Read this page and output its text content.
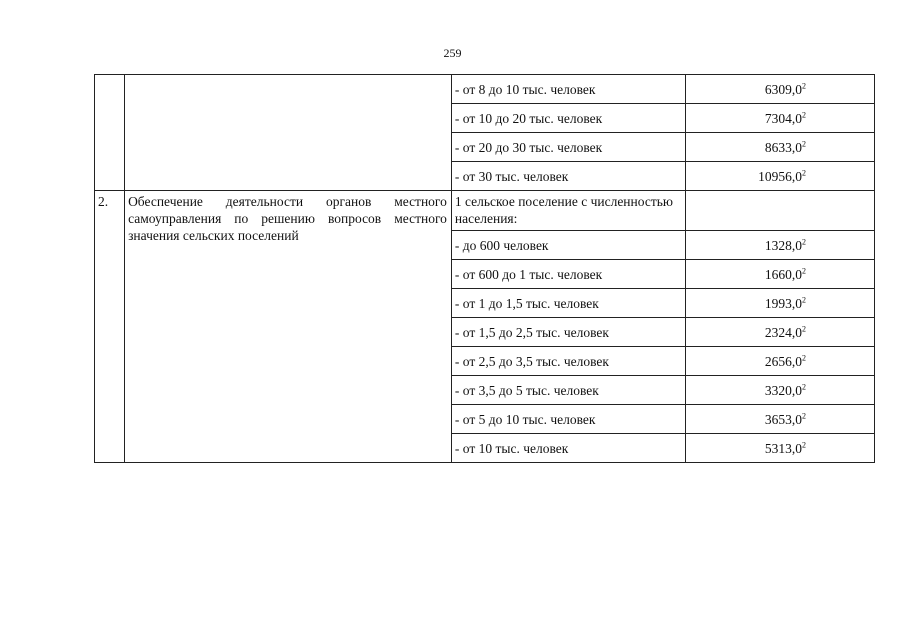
259
		- от 8 до 10 тыс. человек	6309,0$^2$
		- от 10 до 20 тыс. человек	7304,0$^2$
		- от 20 до 30 тыс. человек	8633,0$^2$
		- от 30 тыс. человек	10956,0$^2$
2.	Обеспечение деятельности органов местного самоуправления по решению вопросов местного значения сельских поселений	1 сельское поселение с численностью населения:	
		- до 600 человек	1328,0$^2$
		- от 600 до 1 тыс. человек	1660,0$^2$
		- от 1 до 1,5 тыс. человек	1993,0$^2$
		- от 1,5 до 2,5 тыс. человек	2324,0$^2$
		- от 2,5 до 3,5 тыс. человек	2656,0$^2$
		- от 3,5 до 5 тыс. человек	3320,0$^2$
		- от 5 до 10 тыс. человек	3653,0$^2$
		- от 10 тыс. человек	5313,0$^2$
